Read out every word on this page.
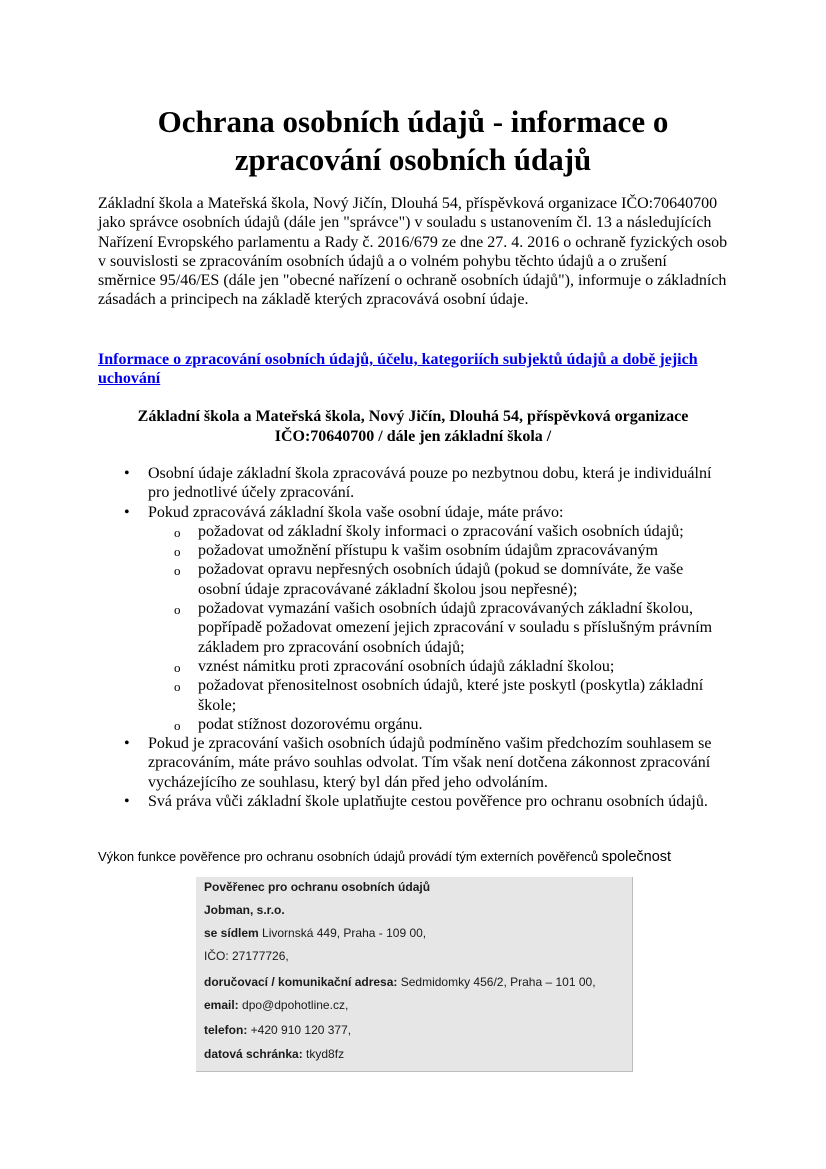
Ochrana osobních údajů - informace o
zpracování osobních údajů

Základní škola a Mateřská škola, Nový Jičín, Dlouhá 54, příspěvková organizace IČO:70640700 jako správce osobních údajů (dále jen "správce") v souladu s ustanovením čl. 13 a následujících Nařízení Evropského parlamentu a Rady č. 2016/679 ze dne 27. 4. 2016 o ochraně fyzických osob v souvislosti se zpracováním osobních údajů a o volném pohybu těchto údajů a o zrušení směrnice 95/46/ES (dále jen "obecné nařízení o ochraně osobních údajů"), informuje o základních zásadách a principech na základě kterých zpracovává osobní údaje.

Informace o zpracování osobních údajů, účelu, kategoriích subjektů údajů a době jejich uchování

Základní škola a Mateřská škola, Nový Jičín, Dlouhá 54, příspěvková organizace
IČO:70640700 / dále jen základní škola /

• Osobní údaje základní škola zpracovává pouze po nezbytnou dobu, která je individuální pro jednotlivé účely zpracování.
• Pokud zpracovává základní škola vaše osobní údaje, máte právo:
o požadovat od základní školy informaci o zpracování vašich osobních údajů;
o požadovat umožnění přístupu k vašim osobním údajům zpracovávaným
o požadovat opravu nepřesných osobních údajů (pokud se domníváte, že vaše osobní údaje zpracovávané základní školou jsou nepřesné);
o požadovat vymazání vašich osobních údajů zpracovávaných základní školou, popřípadě požadovat omezení jejich zpracování v souladu s příslušným právním základem pro zpracování osobních údajů;
o vznést námitku proti zpracování osobních údajů základní školou;
o požadovat přenositelnost osobních údajů, které jste poskytl (poskytla) základní škole;
o podat stížnost dozorovému orgánu.
• Pokud je zpracování vašich osobních údajů podmíněno vašim předchozím souhlasem se zpracováním, máte právo souhlas odvolat. Tím však není dotčena zákonnost zpracování vycházejícího ze souhlasu, který byl dán před jeho odvoláním.
• Svá práva vůči základní škole uplatňujte cestou pověřence pro ochranu osobních údajů.

Výkon funkce pověřence pro ochranu osobních údajů provádí tým externích pověřenců společnost

Pověřenec pro ochranu osobních údajů
Jobman, s.r.o.
se sídlem Livornská 449, Praha - 109 00,
IČO: 27177726,
doručovací / komunikační adresa: Sedmidomky 456/2, Praha – 101 00,
email: dpo@dpohotline.cz,
telefon: +420 910 120 377,
datová schránka: tkyd8fz
